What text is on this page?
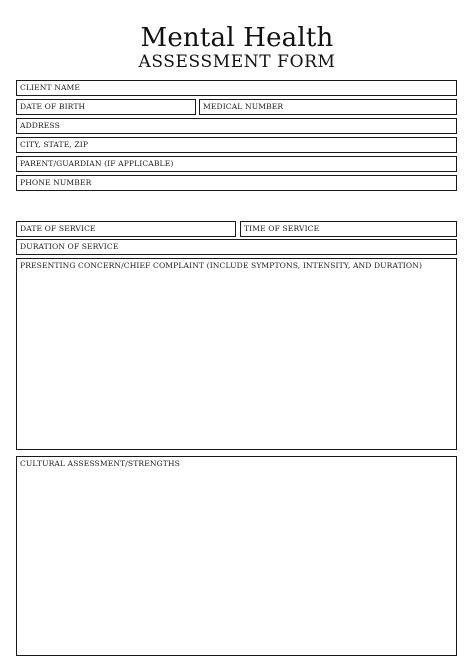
Mental Health
ASSESSMENT FORM
CLIENT NAME
DATE OF BIRTH	MEDICAL NUMBER
ADDRESS
CITY, STATE, ZIP
PARENT/GUARDIAN (IF APPLICABLE)
PHONE NUMBER
DATE OF SERVICE	TIME OF SERVICE
DURATION OF SERVICE
PRESENTING CONCERN/CHIEF COMPLAINT (INCLUDE SYMPTONS, INTENSITY, AND DURATION)
CULTURAL ASSESSMENT/STRENGTHS
